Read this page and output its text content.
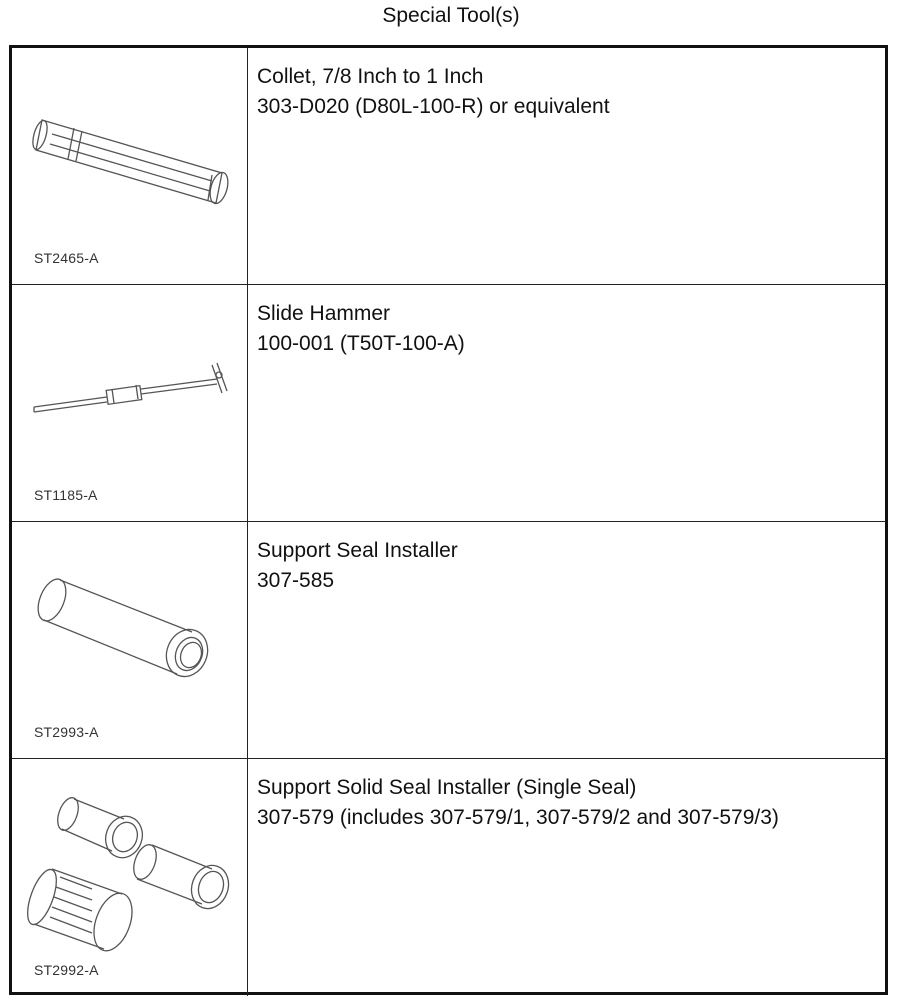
Special Tool(s)
ST2465-A
Collet, 7/8 Inch to 1 Inch
303-D020 (D80L-100-R) or equivalent
ST1185-A
Slide Hammer
100-001 (T50T-100-A)
ST2993-A
Support Seal Installer
307-585
ST2992-A
Support Solid Seal Installer (Single Seal)
307-579 (includes 307-579/1, 307-579/2 and 307-579/3)
